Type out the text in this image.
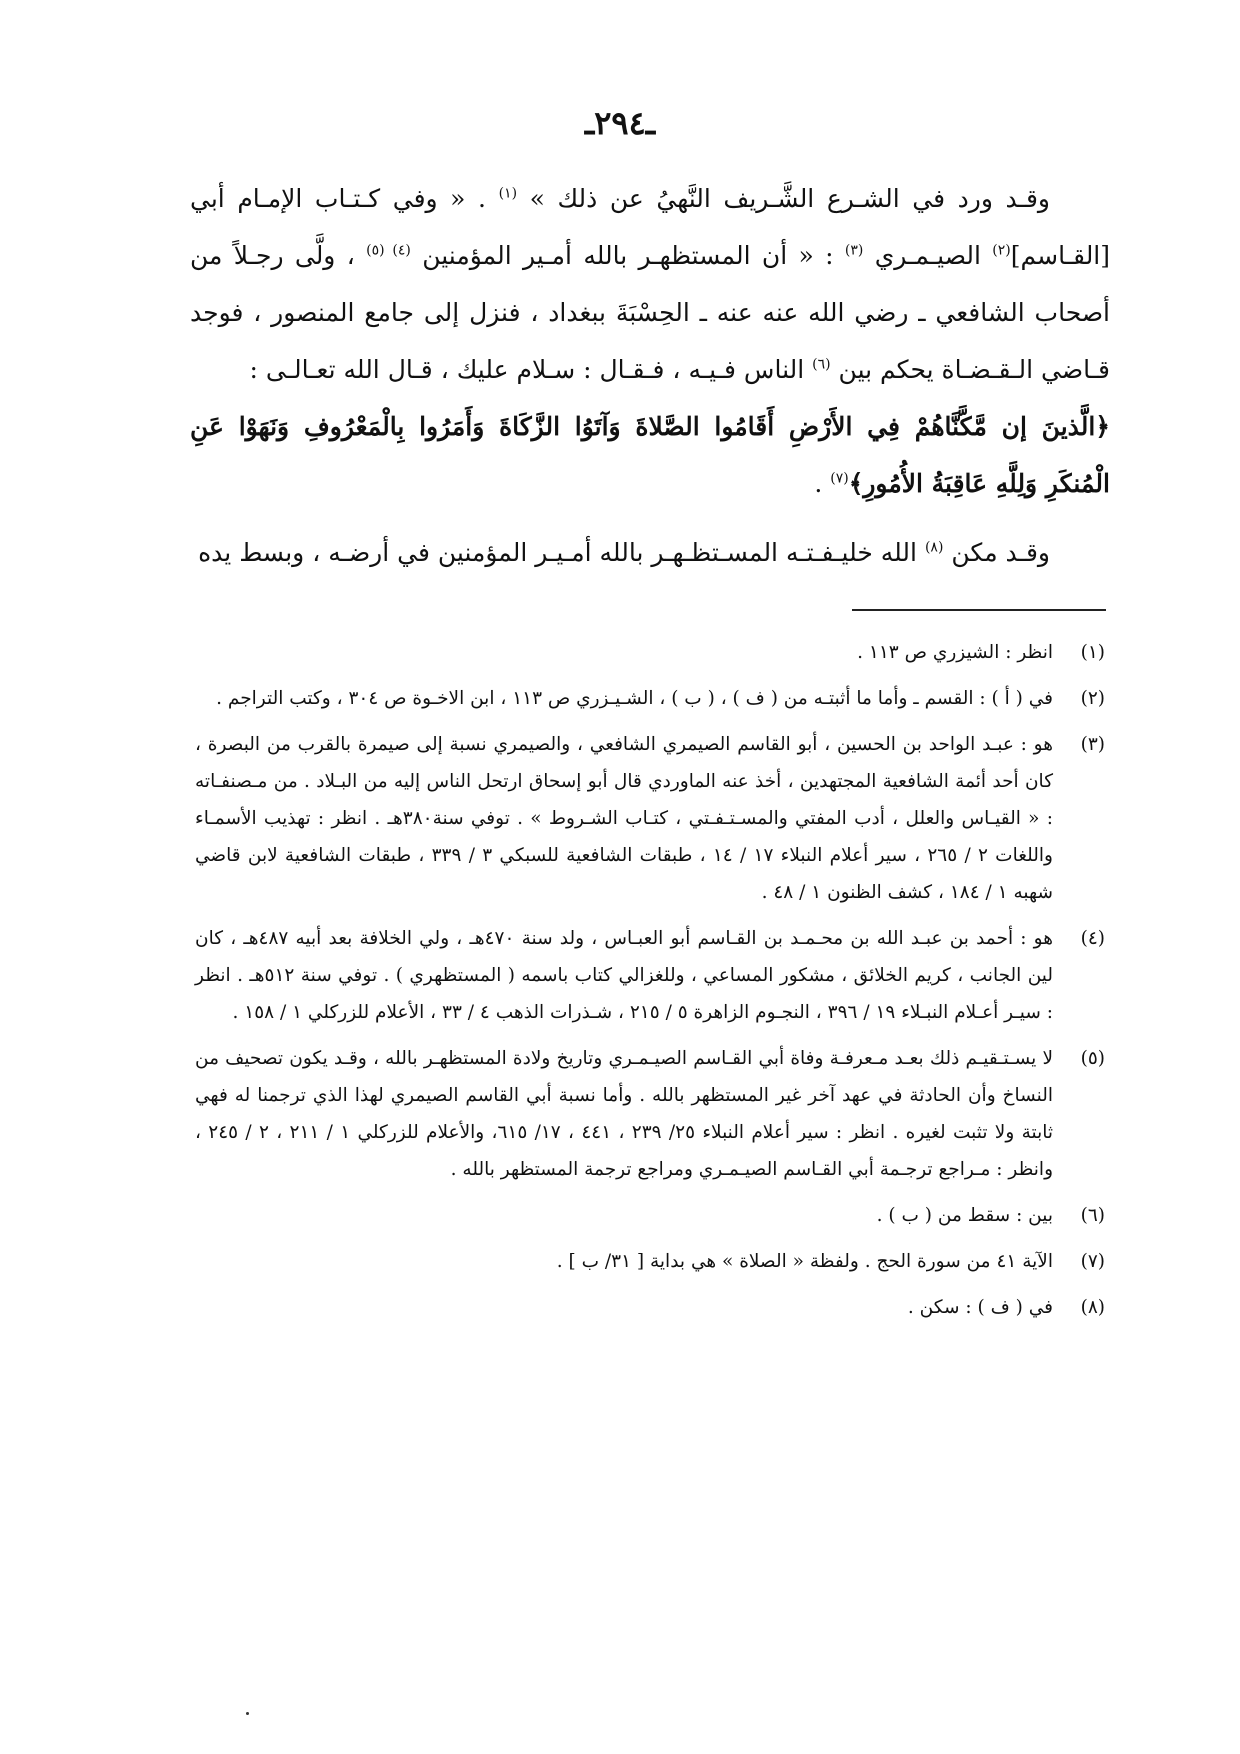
ـ٢٩٤ـ

وقـد ورد في الشـرع الشَّـريف النَّهيُ عن ذلك » $^{(١)}$ . « وفي كـتـاب الإمـام أبي [القـاسم]$^{(٢)}$ الصيـمـري $^{(٣)}$ : « أن المستظهـر بالله أمـير المؤمنين $^{(٤) (٥)}$ ، ولَّى رجـلاً من أصحاب الشافعي ـ رضي الله عنه عنه ـ الحِسْبَةَ ببغداد ، فنزل إلى جامع المنصور ، فوجد قـاضي الـقـضـاة يحكم بين $^{(٦)}$ الناس فـيـه ، فـقـال : سـلام عليك ، قـال الله تعـالـى :

﴿الَّذينَ إن مَّكَّنَّاهُمْ فِي الأَرْضِ أَقَامُوا الصَّلاةَ وَآتَوُا الزَّكَاةَ وَأَمَرُوا بِالْمَعْرُوفِ وَنَهَوْا عَنِ الْمُنكَرِ وَلِلَّهِ عَاقِبَةُ الأُمُورِ﴾$^{(٧)}$ .

وقـد مكن $^{(٨)}$ الله خليـفـتـه المسـتظـهـر بالله أمـيـر المؤمنين في أرضـه ، وبسط يده

(١)
انظر : الشيزري ص ١١٣ .

(٢)
في ( أ ) : القسم ـ وأما ما أثبتـه من ( ف ) ، ( ب ) ، الشـيـزري ص ١١٣ ، ابن الاخـوة ص ٣٠٤ ، وكتب التراجم .

(٣)
هو : عبـد الواحد بن الحسين ، أبو القاسم الصيمري الشافعي ، والصيمري نسبة إلى صيمرة بالقرب من البصرة ، كان أحد أئمة الشافعية المجتهدين ، أخذ عنه الماوردي قال أبو إسحاق ارتحل الناس إليه من البـلاد . من مـصنفـاته : « القيـاس والعلل ، أدب المفتي والمسـتـفـتي ، كتـاب الشـروط » . توفي سنة٣٨٠هـ . انظر : تهذيب الأسمـاء واللغات ٢ / ٢٦٥ ، سير أعلام النبلاء ١٧ / ١٤ ، طبقات الشافعية للسبكي ٣ / ٣٣٩ ، طبقات الشافعية لابن قاضي شهبه ١ / ١٨٤ ، كشف الظنون ١ / ٤٨ .

(٤)
هو : أحمد بن عبـد الله بن محـمـد بن القـاسم أبو العبـاس ، ولد سنة ٤٧٠هـ ، ولي الخلافة بعد أبيه ٤٨٧هـ ، كان لين الجانب ، كريم الخلائق ، مشكور المساعي ، وللغزالي كتاب باسمه ( المستظهري ) . توفي سنة ٥١٢هـ . انظر : سيـر أعـلام النبـلاء ١٩ / ٣٩٦ ، النجـوم الزاهرة ٥ / ٢١٥ ، شـذرات الذهب ٤ / ٣٣ ، الأعلام للزركلي ١ / ١٥٨ .

(٥)
لا يسـتـقيـم ذلك بعـد مـعرفـة وفاة أبي القـاسم الصيـمـري وتاريخ ولادة المستظهـر بالله ، وقـد يكون تصحيف من النساخ وأن الحادثة في عهد آخر غير المستظهر بالله . وأما نسبة أبي القاسم الصيمري لهذا الذي ترجمنا له فهي ثابتة ولا تثبت لغيره . انظر : سير أعلام النبلاء ٢٥/ ٢٣٩ ، ٤٤١ ، ١٧/ ٦١٥، والأعلام للزركلي ١ / ٢١١ ، ٢ / ٢٤٥ ، وانظر : مـراجع ترجـمة أبي القـاسم الصيـمـري ومراجع ترجمة المستظهر بالله .

(٦)
بين : سقط من ( ب ) .

(٧)
الآية ٤١ من سورة الحج . ولفظة « الصلاة » هي بداية [ ٣١/ ب ] .

(٨)
في ( ف ) : سكن .
